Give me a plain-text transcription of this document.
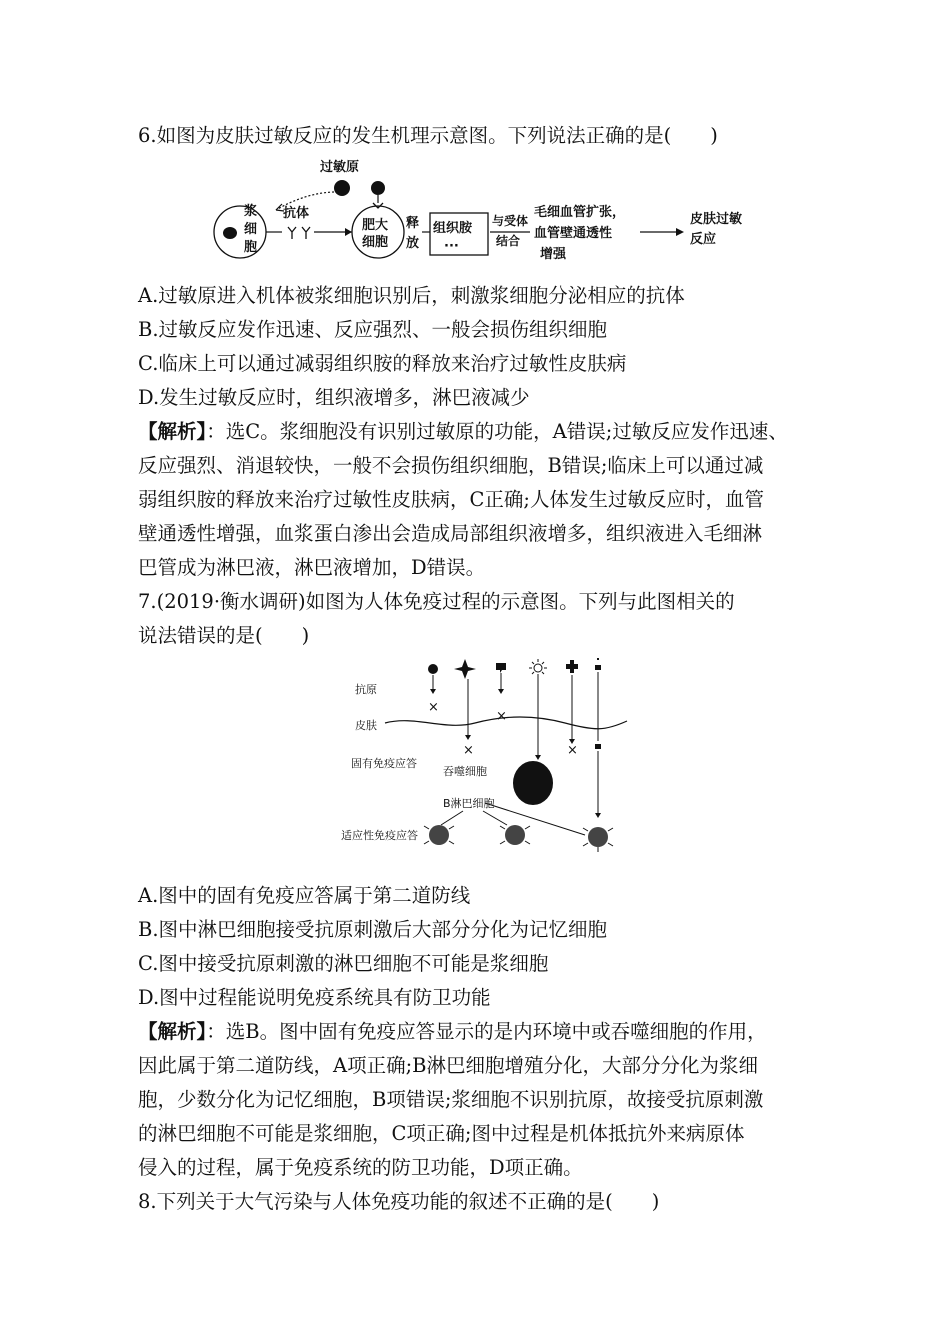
6.如图为皮肤过敏反应的发生机理示意图。下列说法正确的是(　　)
过敏原
浆
细
胞
抗体
肥大
细胞
释
放
组织胺
···
与受体
结合
毛细血管扩张，
血管壁通透性
增强
皮肤过敏
反应
A.过敏原进入机体被浆细胞识别后，刺激浆细胞分泌相应的抗体
B.过敏反应发作迅速、反应强烈、一般会损伤组织细胞
C.临床上可以通过减弱组织胺的释放来治疗过敏性皮肤病
D.发生过敏反应时，组织液增多，淋巴液减少
【解析】：选C。浆细胞没有识别过敏原的功能，A错误;过敏反应发作迅速、
反应强烈、消退较快，一般不会损伤组织细胞，B错误;临床上可以通过减
弱组织胺的释放来治疗过敏性皮肤病，C正确;人体发生过敏反应时，血管
壁通透性增强，血浆蛋白渗出会造成局部组织液增多，组织液进入毛细淋
巴管成为淋巴液，淋巴液增加，D错误。
7.(2019·衡水调研)如图为人体免疫过程的示意图。下列与此图相关的
说法错误的是(　　)
抗原
皮肤
固有免疫应答
吞噬细胞
B淋巴细胞
适应性免疫应答
×
×
×
×
A.图中的固有免疫应答属于第二道防线
B.图中淋巴细胞接受抗原刺激后大部分分化为记忆细胞
C.图中接受抗原刺激的淋巴细胞不可能是浆细胞
D.图中过程能说明免疫系统具有防卫功能
【解析】：选B。图中固有免疫应答显示的是内环境中或吞噬细胞的作用，
因此属于第二道防线，A项正确;B淋巴细胞增殖分化，大部分分化为浆细
胞，少数分化为记忆细胞，B项错误;浆细胞不识别抗原，故接受抗原刺激
的淋巴细胞不可能是浆细胞，C项正确;图中过程是机体抵抗外来病原体
侵入的过程，属于免疫系统的防卫功能，D项正确。
8.下列关于大气污染与人体免疫功能的叙述不正确的是(　　)
